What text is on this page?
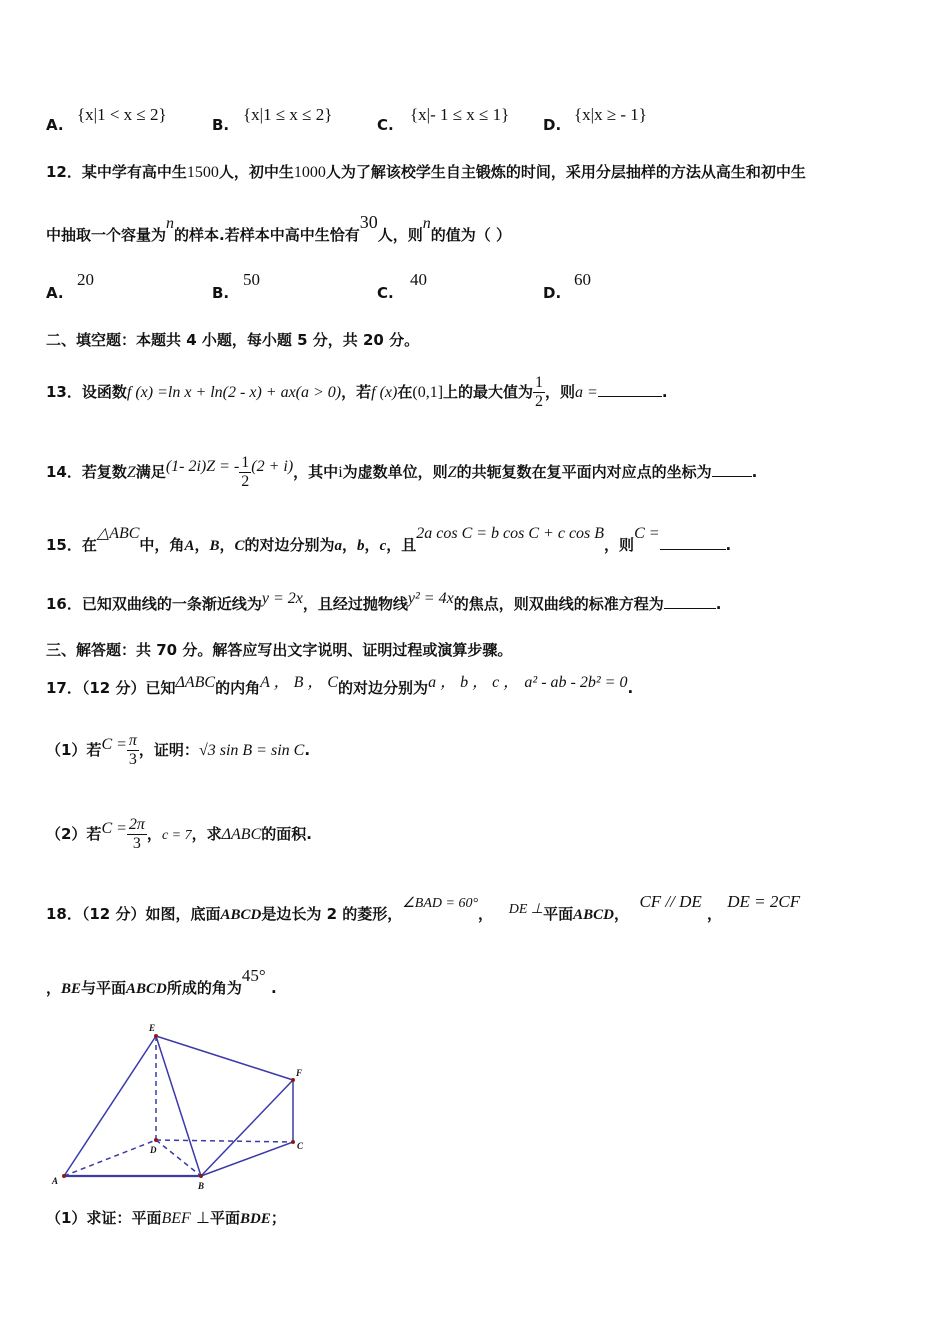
A.
{x|1 < x ≤ 2}
B.
{x|1 ≤ x ≤ 2}
C.
{x|- 1 ≤ x ≤ 1}
D.
{x|x ≥ - 1}
12．某中学有高中生1500人，初中生1000人为了解该校学生自主锻炼的时间，采用分层抽样的方法从高生和初中生
中抽取一个容量为n的样本.若样本中高中生恰有30人，则n的值为（ ）
A.
20
B.
50
C.
40
D.
60
二、填空题：本题共 4 小题，每小题 5 分，共 20 分。
13．设函数f (x) =ln x + ln(2 - x) + ax(a > 0)，若f (x)在(0,1]上的最大值为 $\frac{1}{2}$ ，则a =	.
14．若复数Z满足(1- 2i)Z = - $\frac{1}{2} (2 + i)$，其中i为虚数单位，则Z的共轭复数在复平面内对应点的坐标为	.
15．在△ABC中，角A，B，C的对边分别为a，b，c，且2a cos C = b cos C + c cos B，则C =.
16．已知双曲线的一条渐近线为y = 2x，且经过抛物线y² = 4x的焦点，则双曲线的标准方程为	.
三、解答题：共 70 分。解答应写出文字说明、证明过程或演算步骤。
17．（12 分）已知ΔABC的内角A ， B ， C的对边分别为a ， b ， c ， a² - ab - 2b² = 0.
（1）若$C = \frac{\pi}{3}$ ，证明：√3 sin B = sin C.
（2）若$C = \frac{2\pi}{3}$ ，c = 7，求ΔABC的面积.
18．（12 分）如图，底面ABCD是边长为 2 的菱形，∠BAD = 60°， DE ⊥平面ABCD，  CF // DE ， DE = 2CF
，BE与平面ABCD所成的角为45° .
A	B
C
D
E
F
（1）求证：平面BEF ⊥平面BDE；
